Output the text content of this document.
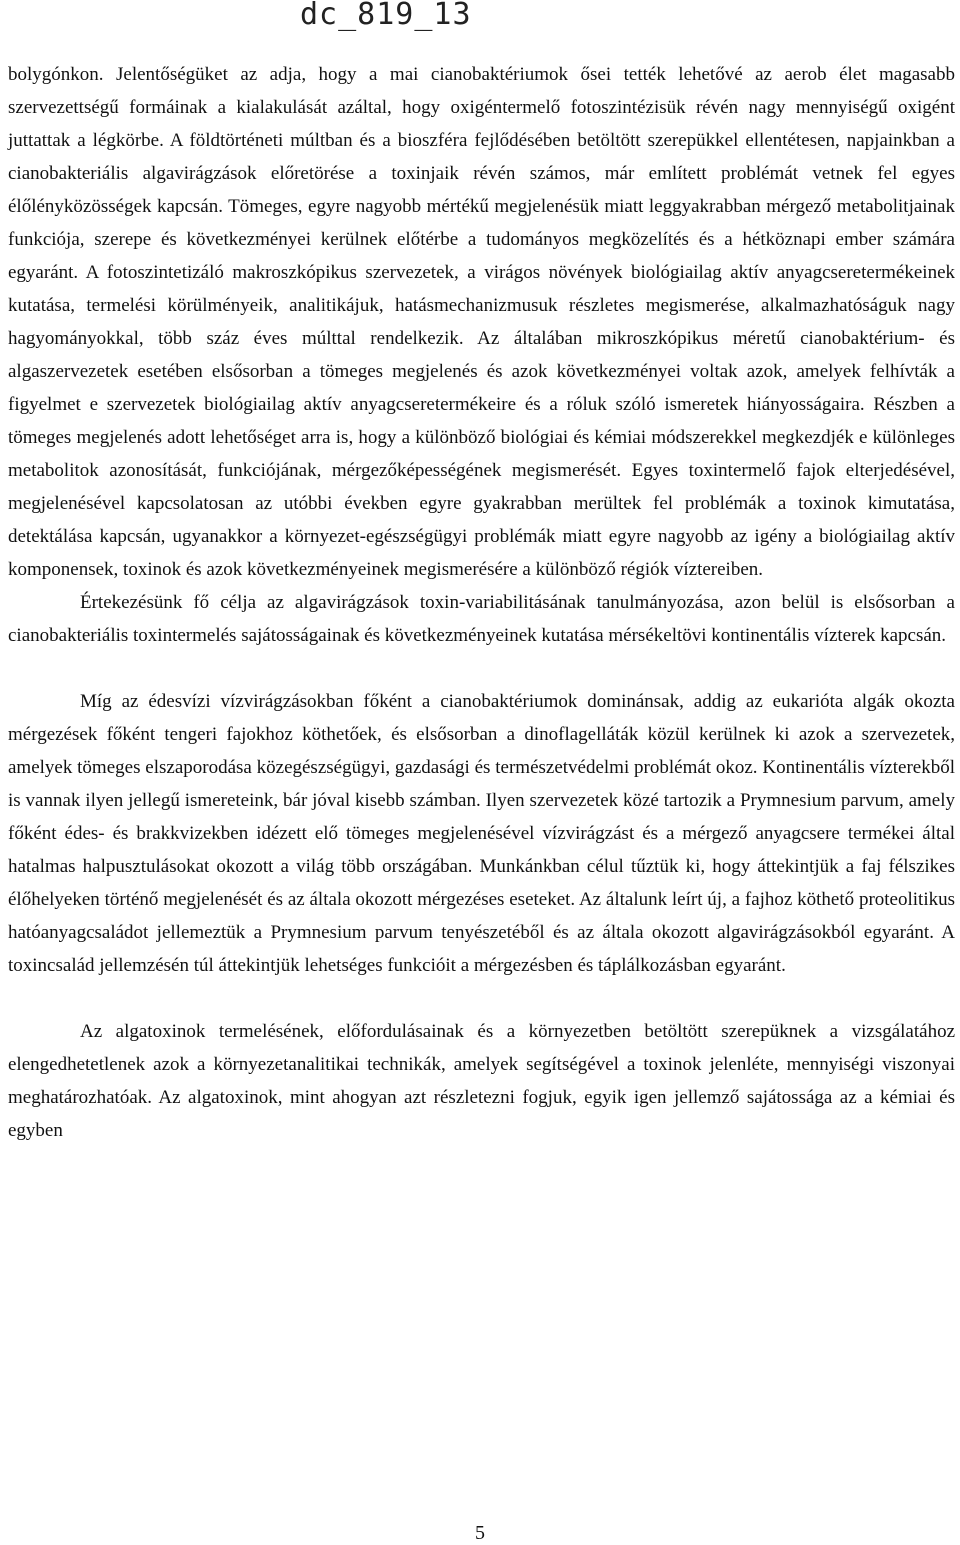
dc_819_13

bolygónkon. Jelentőségüket az adja, hogy a mai cianobaktériumok ősei tették lehetővé az aerob élet magasabb szervezettségű formáinak a kialakulását azáltal, hogy oxigéntermelő fotoszintézisük révén nagy mennyiségű oxigént juttattak a légkörbe. A földtörténeti múltban és a bioszféra fejlődésében betöltött szerepükkel ellentétesen, napjainkban a cianobakteriális algavirágzások előretörése a toxinjaik révén számos, már említett problémát vetnek fel egyes élőlényközösségek kapcsán. Tömeges, egyre nagyobb mértékű megjelenésük miatt leggyakrabban mérgező metabolitjainak funkciója, szerepe és következményei kerülnek előtérbe a tudományos megközelítés és a hétköznapi ember számára egyaránt. A fotoszintetizáló makroszkópikus szervezetek, a virágos növények biológiailag aktív anyagcseretermékeinek kutatása, termelési körülményeik, analitikájuk, hatásmechanizmusuk részletes megismerése, alkalmazhatóságuk nagy hagyományokkal, több száz éves múlttal rendelkezik. Az általában mikroszkópikus méretű cianobaktérium- és algaszervezetek esetében elsősorban a tömeges megjelenés és azok következményei voltak azok, amelyek felhívták a figyelmet e szervezetek biológiailag aktív anyagcseretermékeire és a róluk szóló ismeretek hiányosságaira. Részben a tömeges megjelenés adott lehetőséget arra is, hogy a különböző biológiai és kémiai módszerekkel megkezdjék e különleges metabolitok azonosítását, funkciójának, mérgezőképességének megismerését. Egyes toxintermelő fajok elterjedésével, megjelenésével kapcsolatosan az utóbbi években egyre gyakrabban merültek fel problémák a toxinok kimutatása, detektálása kapcsán, ugyanakkor a környezet-egészségügyi problémák miatt egyre nagyobb az igény a biológiailag aktív komponensek, toxinok és azok következményeinek megismerésére a különböző régiók víztereiben.

Értekezésünk fő célja az algavirágzások toxin-variabilitásának tanulmányozása, azon belül is elsősorban a cianobakteriális toxintermelés sajátosságainak és következményeinek kutatása mérsékeltövi kontinentális vízterek kapcsán.

Míg az édesvízi vízvirágzásokban főként a cianobaktériumok dominánsak, addig az eukarióta algák okozta mérgezések főként tengeri fajokhoz köthetőek, és elsősorban a dinoflagelláták közül kerülnek ki azok a szervezetek, amelyek tömeges elszaporodása közegészségügyi, gazdasági és természetvédelmi problémát okoz. Kontinentális vízterekből is vannak ilyen jellegű ismereteink, bár jóval kisebb számban. Ilyen szervezetek közé tartozik a Prymnesium parvum, amely főként édes- és brakkvizekben idézett elő tömeges megjelenésével vízvirágzást és a mérgező anyagcsere termékei által hatalmas halpusztulásokat okozott a világ több országában. Munkánkban célul tűztük ki, hogy áttekintjük a faj félszikes élőhelyeken történő megjelenését és az általa okozott mérgezéses eseteket. Az általunk leírt új, a fajhoz köthető proteolitikus hatóanyagcsaládot jellemeztük a Prymnesium parvum tenyészetéből és az általa okozott algavirágzásokból egyaránt. A toxincsalád jellemzésén túl áttekintjük lehetséges funkcióit a mérgezésben és táplálkozásban egyaránt.

Az algatoxinok termelésének, előfordulásainak és a környezetben betöltött szerepüknek a vizsgálatához elengedhetetlenek azok a környezetanalitikai technikák, amelyek segítségével a toxinok jelenléte, mennyiségi viszonyai meghatározhatóak. Az algatoxinok, mint ahogyan azt részletezni fogjuk, egyik igen jellemző sajátossága az a kémiai és egyben

5
